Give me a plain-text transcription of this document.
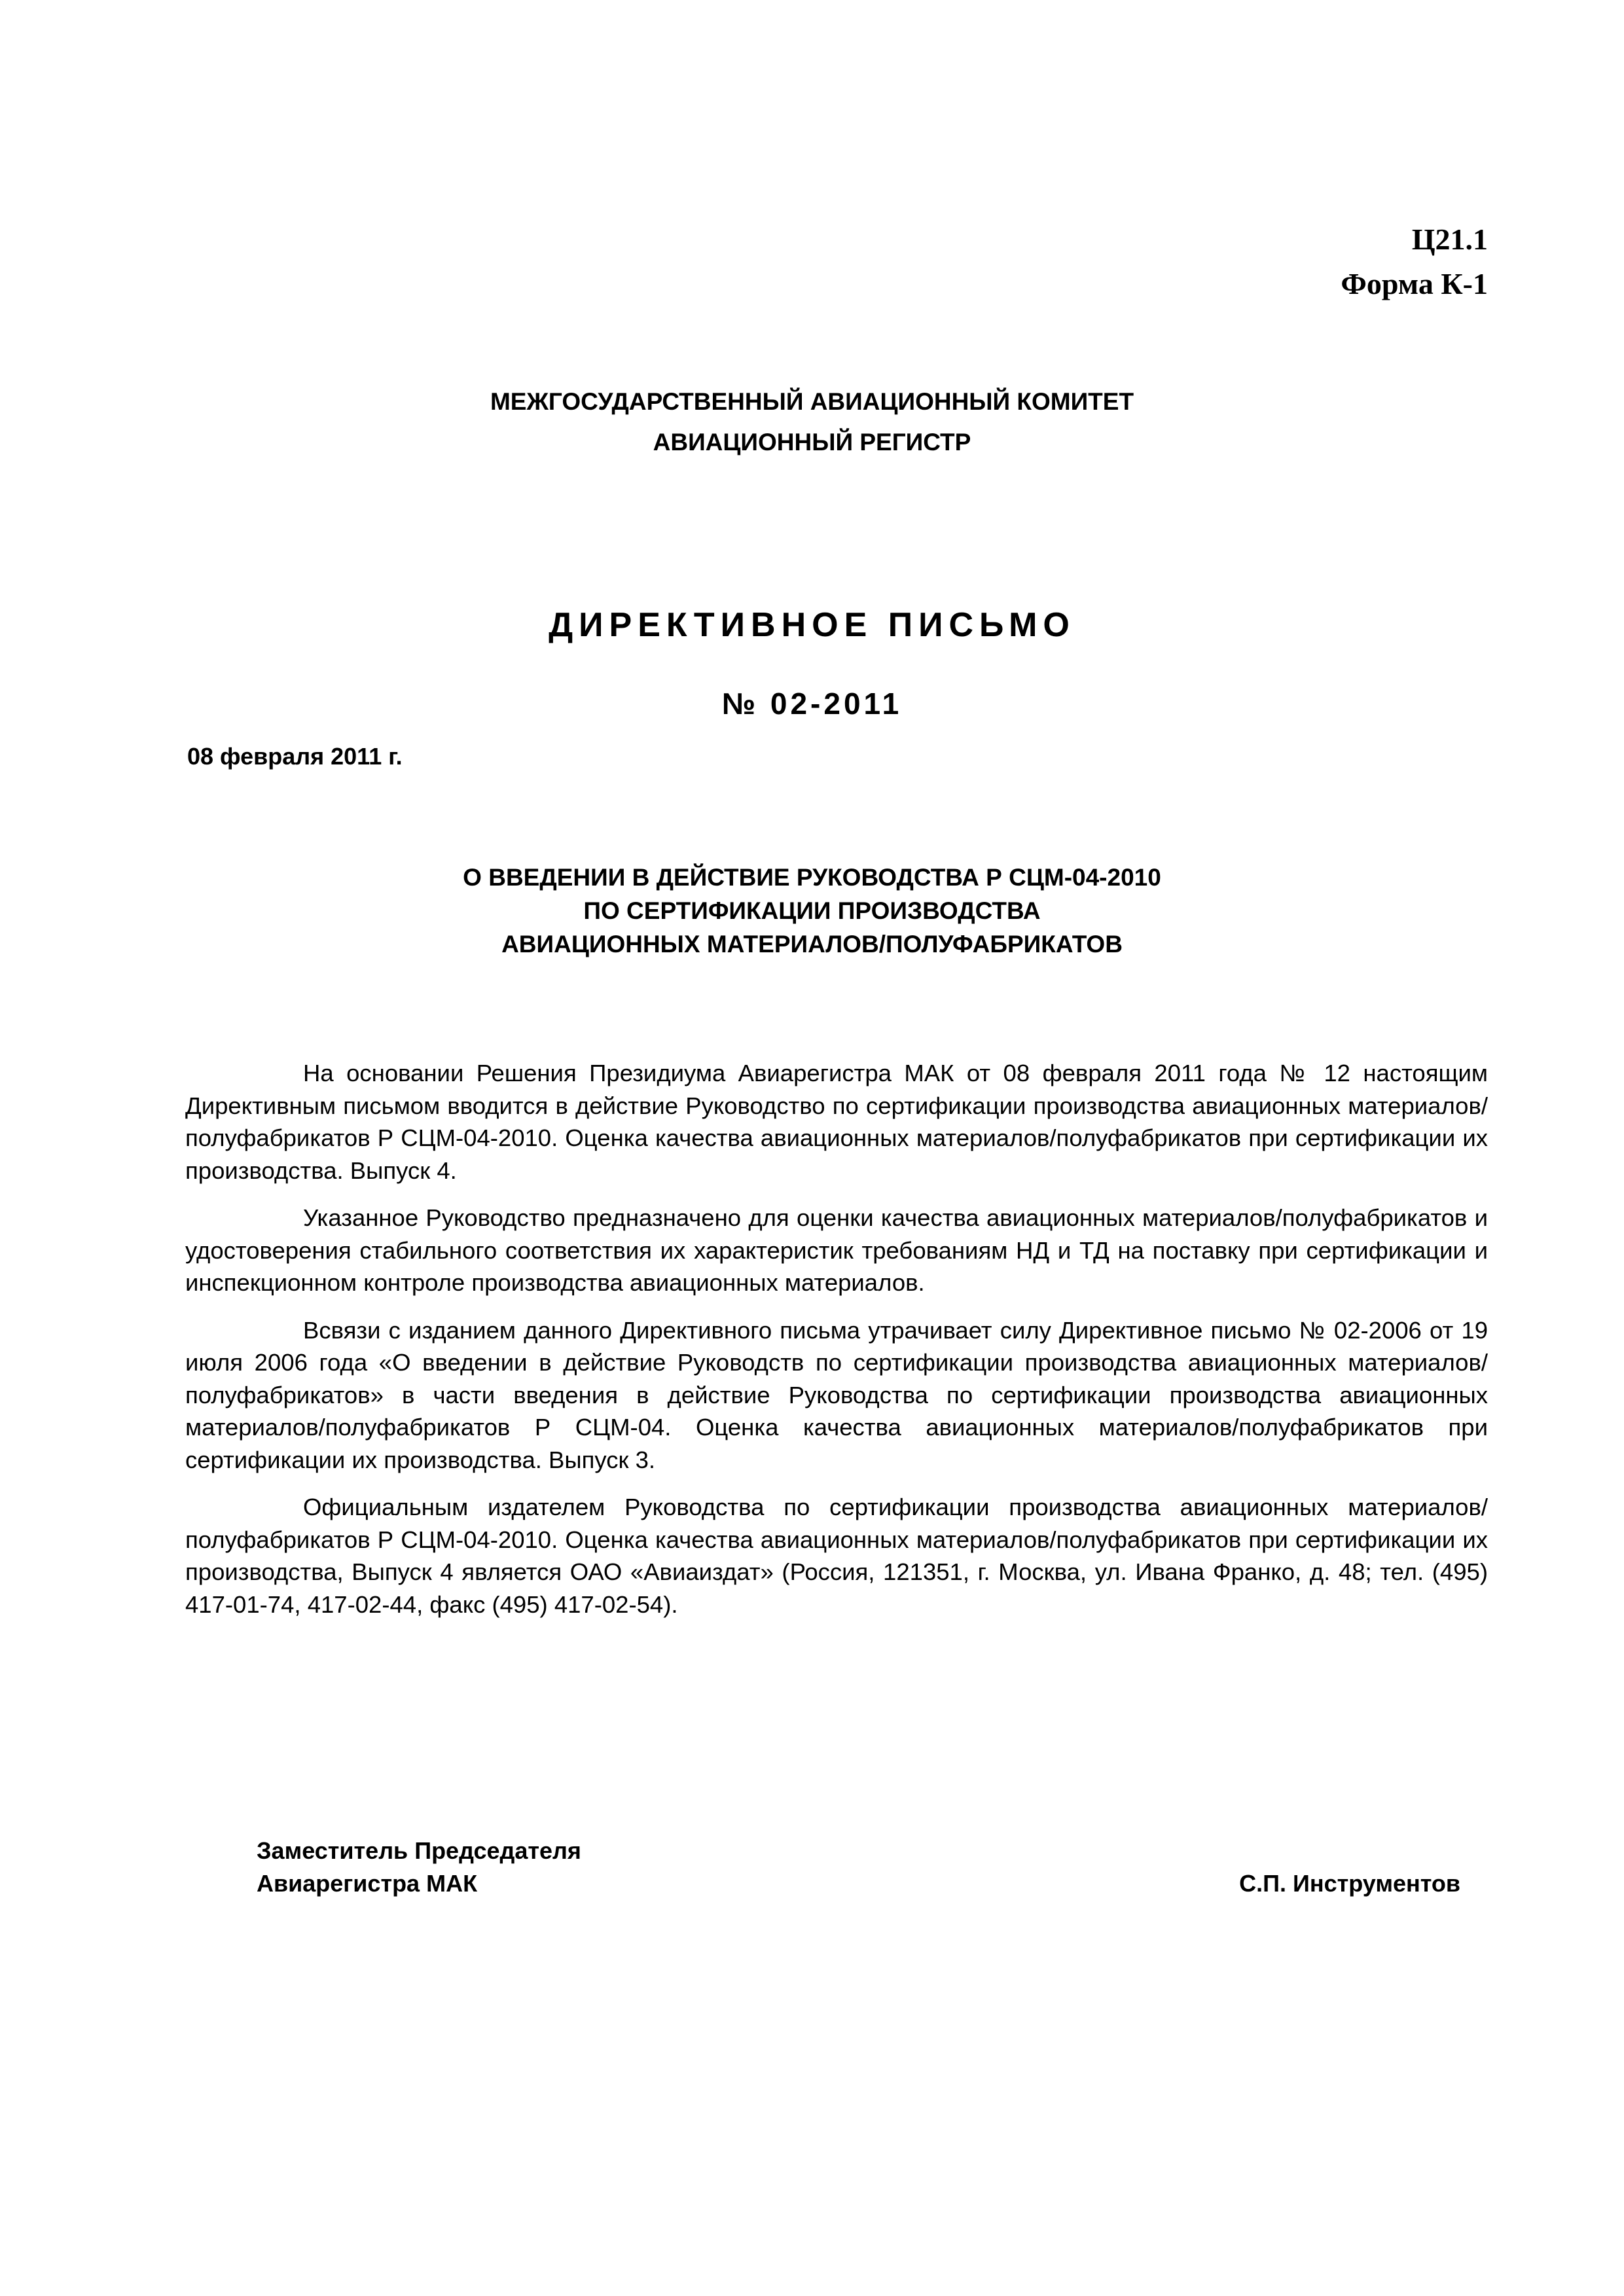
Ц21.1
Форма К-1
МЕЖГОСУДАРСТВЕННЫЙ АВИАЦИОННЫЙ КОМИТЕТ
АВИАЦИОННЫЙ РЕГИСТР
ДИРЕКТИВНОЕ ПИСЬМО
№ 02-2011
08 февраля 2011 г.
О ВВЕДЕНИИ В ДЕЙСТВИЕ РУКОВОДСТВА Р СЦМ-04-2010
ПО СЕРТИФИКАЦИИ ПРОИЗВОДСТВА
АВИАЦИОННЫХ МАТЕРИАЛОВ/ПОЛУФАБРИКАТОВ

На основании Решения Президиума Авиарегистра МАК от 08 февраля 2011 года № 12 настоящим Директивным письмом вводится в действие Руководство по сертификации производства авиационных материалов/полуфабрикатов Р СЦМ-04-2010. Оценка качества авиационных материалов/полуфабрикатов при сертификации их производства. Выпуск 4.

Указанное Руководство предназначено для оценки качества авиационных материалов/полуфабрикатов и удостоверения стабильного соответствия их характеристик требованиям НД и ТД на поставку при сертификации и инспекционном контроле производства авиационных материалов.

Всвязи с изданием данного Директивного письма утрачивает силу Директивное письмо № 02-2006 от 19 июля 2006 года «О введении в действие Руководств по сертификации производства авиационных материалов/полуфабрикатов» в части введения в действие Руководства по сертификации производства авиационных материалов/полуфабрикатов Р СЦМ-04. Оценка качества авиационных материалов/полуфабрикатов при сертификации их производства. Выпуск 3.

Официальным издателем Руководства по сертификации производства авиационных материалов/полуфабрикатов Р СЦМ-04-2010. Оценка качества авиационных материалов/полуфабрикатов при сертификации их производства, Выпуск 4 является ОАО «Авиаиздат» (Россия, 121351, г. Москва, ул. Ивана Франко, д. 48; тел. (495) 417-01-74, 417-02-44, факс (495) 417-02-54).

Заместитель Председателя
Авиарегистра МАК	С.П. Инструментов
